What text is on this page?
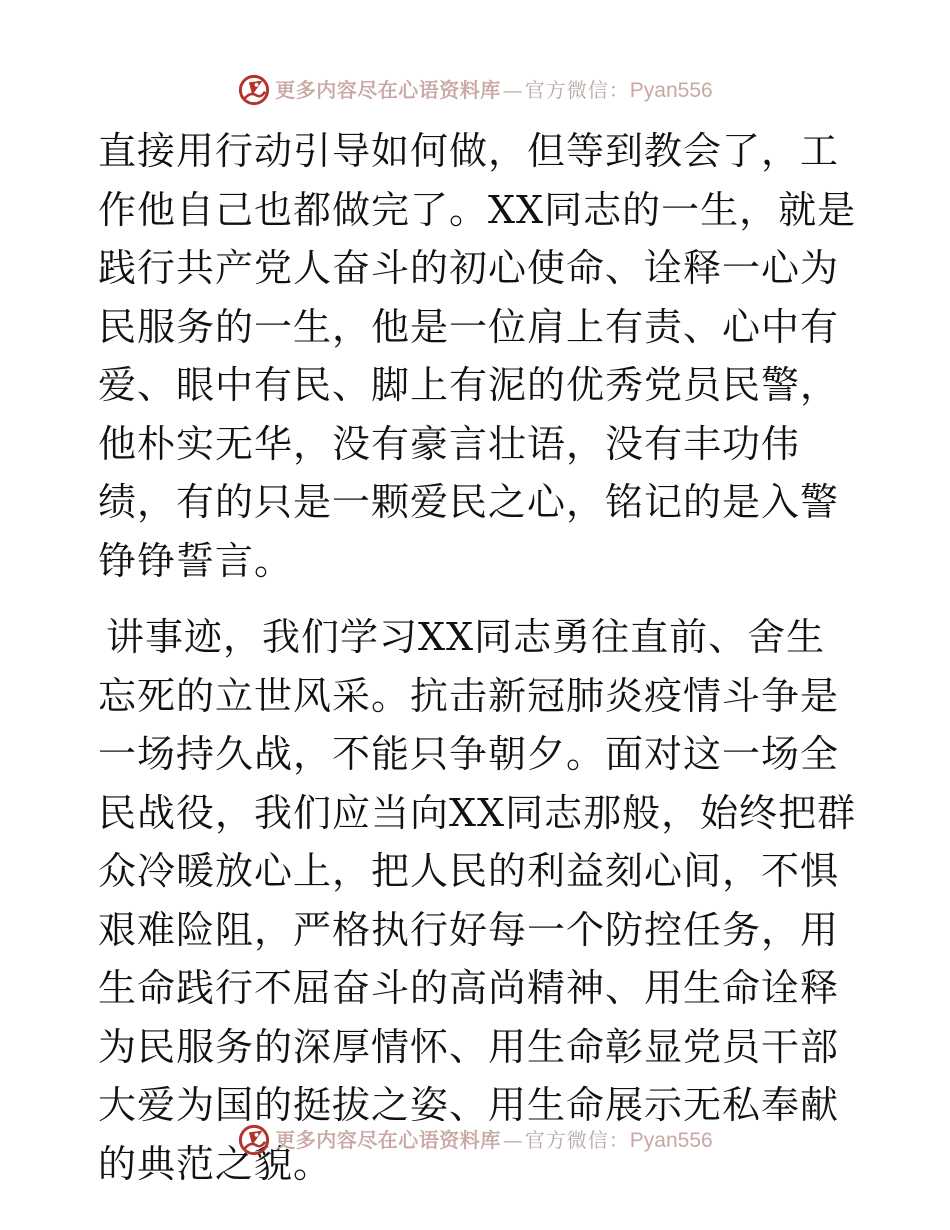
更多内容尽在心语资料库 — 官方微信： Pyan556

直接用行动引导如何做，但等到教会了，工作他自己也都做完了。XX同志的一生，就是践行共产党人奋斗的初心使命、诠释一心为民服务的一生，他是一位肩上有责、心中有爱、眼中有民、脚上有泥的优秀党员民警，他朴实无华，没有豪言壮语，没有丰功伟绩，有的只是一颗爱民之心，铭记的是入警铮铮誓言。

讲事迹，我们学习XX同志勇往直前、舍生忘死的立世风采。抗击新冠肺炎疫情斗争是一场持久战，不能只争朝夕。面对这一场全民战役，我们应当向XX同志那般，始终把群众冷暖放心上，把人民的利益刻心间，不惧艰难险阻，严格执行好每一个防控任务，用生命践行不屈奋斗的高尚精神、用生命诠释为民服务的深厚情怀、用生命彰显党员干部大爱为国的挺拔之姿、用生命展示无私奉献的典范之貌。

更多内容尽在心语资料库 — 官方微信： Pyan556
